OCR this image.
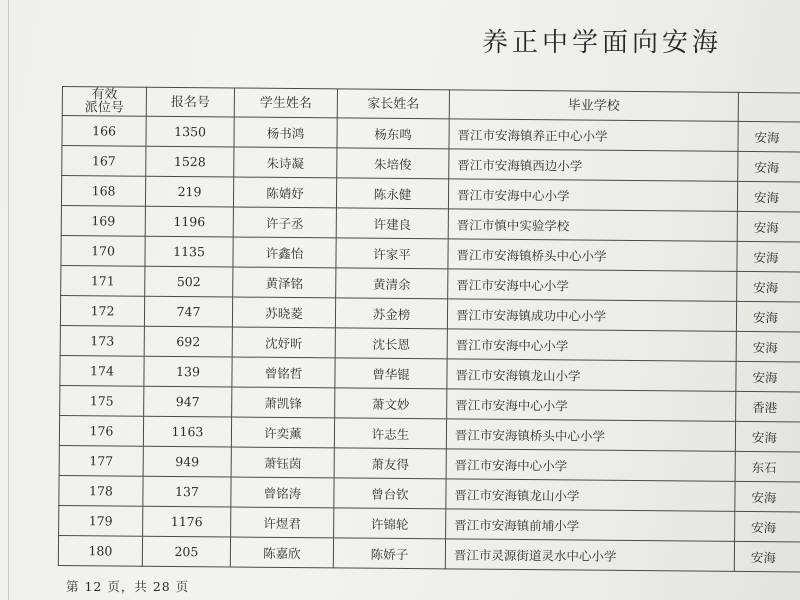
养正中学面向安海
有效
派位号	报名号	学生姓名	家长姓名	毕业学校	
166	1350	杨书鸿	杨东鸣	晋江市安海镇养正中心小学	安海
167	1528	朱诗凝	朱培俊	晋江市安海镇西边小学	安海
168	219	陈婧妤	陈永健	晋江市安海中心小学	安海
169	1196	许子丞	许建良	晋江市慎中实验学校	安海
170	1135	许鑫怡	许家平	晋江市安海镇桥头中心小学	安海
171	502	黄泽铭	黄清余	晋江市安海中心小学	安海
172	747	苏晓菱	苏金榜	晋江市安海镇成功中心小学	安海
173	692	沈妤昕	沈长恩	晋江市安海中心小学	安海
174	139	曾铭哲	曾华锟	晋江市安海镇龙山小学	安海
175	947	萧凯锋	萧文妙	晋江市安海中心小学	香港
176	1163	许奕薰	许志生	晋江市安海镇桥头中心小学	安海
177	949	萧钰茵	萧友得	晋江市安海中心小学	东石
178	137	曾铭涛	曾台钦	晋江市安海镇龙山小学	安海
179	1176	许煜君	许锦轮	晋江市安海镇前埔小学	安海
180	205	陈嘉欣	陈娇子	晋江市灵源街道灵水中心小学	安海
第 12 页，共 28 页
